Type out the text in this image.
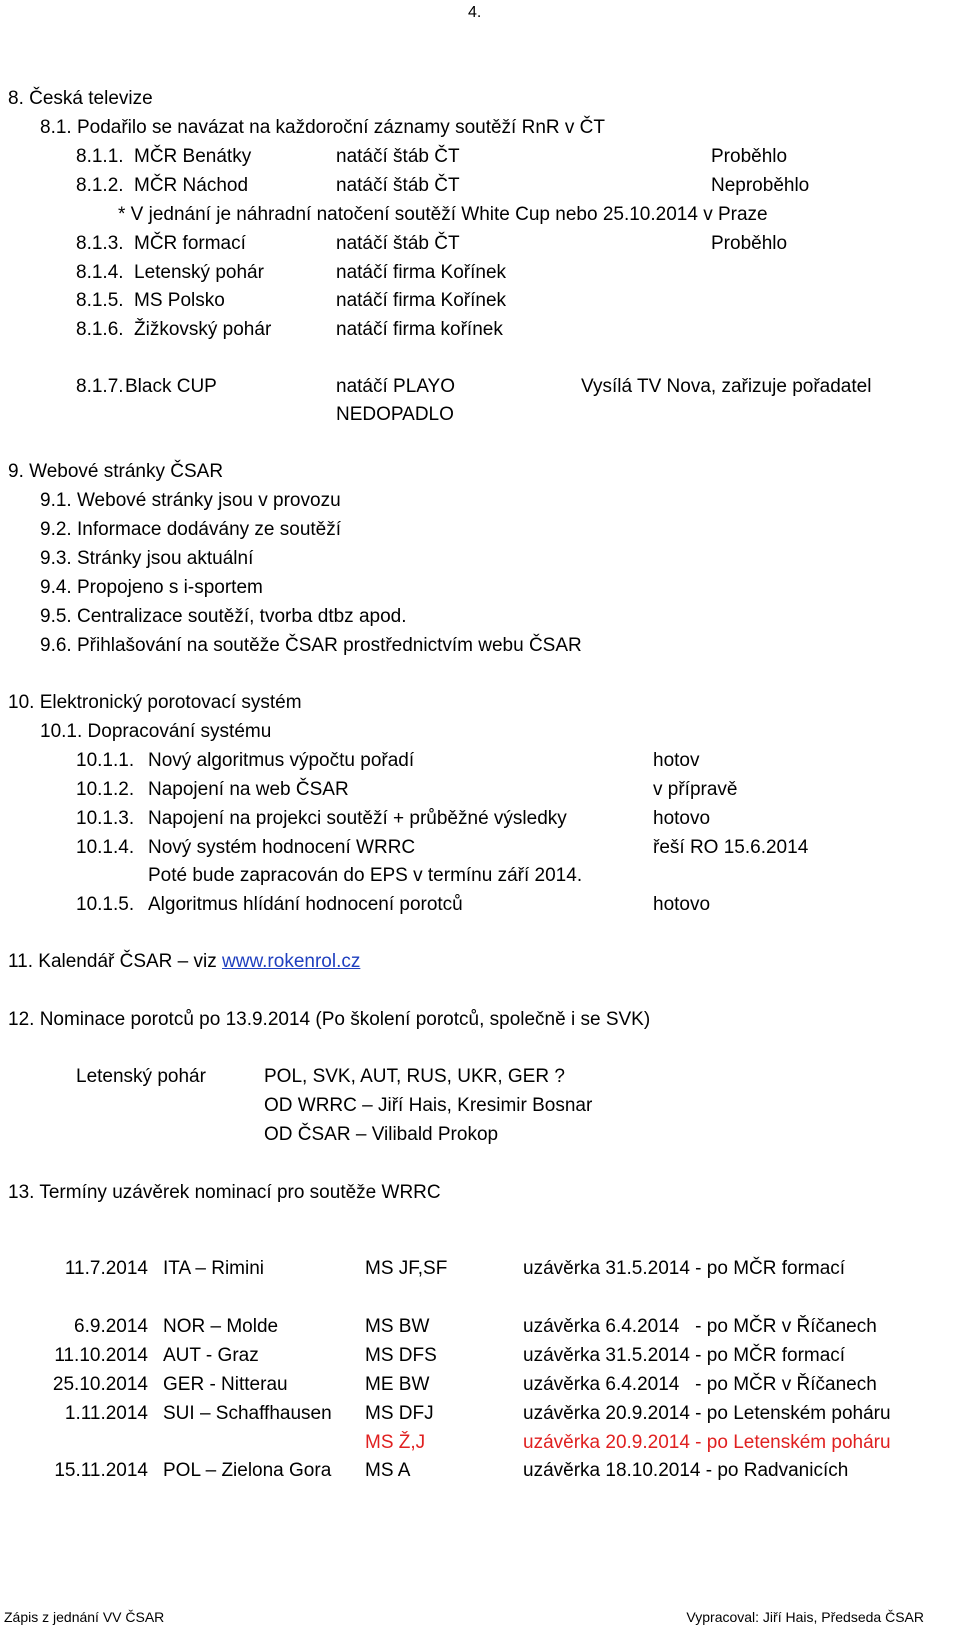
4.
8. Česká televize
8.1. Podařilo se navázat na každoroční záznamy soutěží RnR v ČT
8.1.1. MČR Benátky	natáčí štáb ČT	Proběhlo
8.1.2. MČR Náchod	natáčí štáb ČT	Neproběhlo
* V jednání je náhradní natočení soutěží White Cup nebo 25.10.2014 v Praze
8.1.3. MČR formací	natáčí štáb ČT	Proběhlo
8.1.4. Letenský pohár	natáčí firma Kořínek
8.1.5. MS Polsko	natáčí firma Kořínek
8.1.6. Žižkovský pohár	natáčí firma kořínek
8.1.7. Black CUP	natáčí PLAYO	Vysílá TV Nova, zařizuje pořadatel
NEDOPADLO
9. Webové stránky ČSAR
9.1. Webové stránky jsou v provozu
9.2. Informace dodávány ze soutěží
9.3. Stránky jsou aktuální
9.4. Propojeno s i-sportem
9.5. Centralizace soutěží, tvorba dtbz apod.
9.6. Přihlašování na soutěže ČSAR prostřednictvím webu ČSAR
10. Elektronický porotovací systém
10.1. Dopracování systému
10.1.1. Nový algoritmus výpočtu pořadí	hotov
10.1.2. Napojení na web ČSAR	v přípravě
10.1.3. Napojení na projekci soutěží + průběžné výsledky	hotovo
10.1.4. Nový systém hodnocení WRRC	řeší RO 15.6.2014
Poté bude zapracován do EPS v termínu září 2014.
10.1.5. Algoritmus hlídání hodnocení porotců	hotovo
11. Kalendář ČSAR – viz www.rokenrol.cz
12. Nominace porotců po 13.9.2014 (Po školení porotců, společně i se SVK)
Letenský pohár	POL, SVK, AUT, RUS, UKR, GER ?
OD WRRC – Jiří Hais, Kresimir Bosnar
OD ČSAR – Vilibald Prokop
13. Termíny uzávěrek nominací pro soutěže WRRC
11.7.2014 ITA – Rimini	MS JF,SF	uzávěrka 31.5.2014 - po MČR formací
6.9.2014 NOR – Molde	MS BW	uzávěrka 6.4.2014   - po MČR v Říčanech
11.10.2014 AUT - Graz	MS DFS	uzávěrka 31.5.2014 - po MČR formací
25.10.2014 GER - Nitterau	ME BW	uzávěrka 6.4.2014   - po MČR v Říčanech
1.11.2014 SUI – Schaffhausen MS DFJ	uzávěrka 20.9.2014 - po Letenském poháru
MS Ž,J	uzávěrka 20.9.2014 - po Letenském poháru
15.11.2014 POL – Zielona Gora MS A	uzávěrka 18.10.2014 - po Radvanicích
Zápis z jednání VV ČSAR	Vypracoval: Jiří Hais, Předseda ČSAR
